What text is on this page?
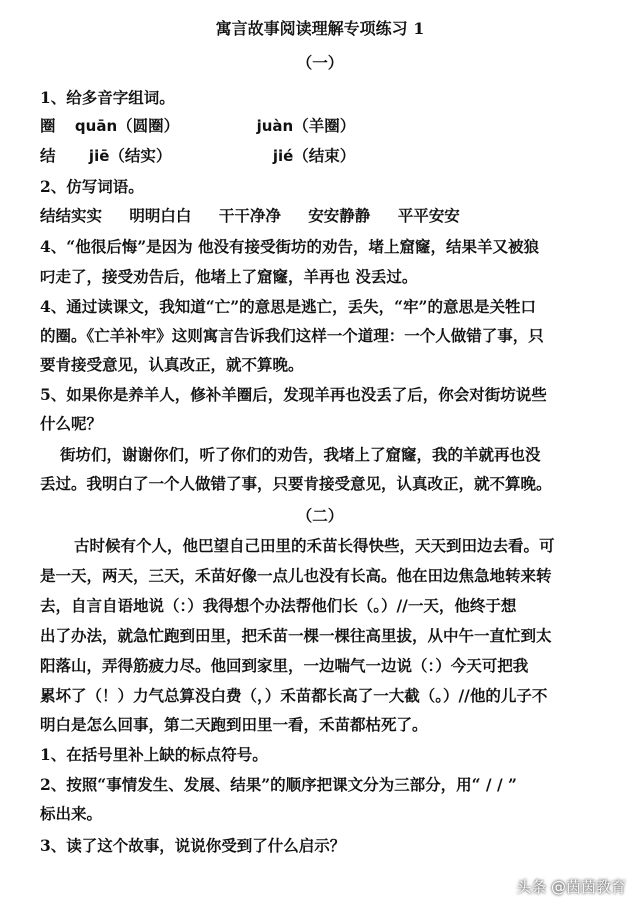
寓言故事阅读理解专项练习 1
（一）
1、给多音字组词。
圈 quān（圆圈）	juàn（羊圈）
结 jiē（结实）	jié（结束）
2、仿写词语。
结结实实 明明白白 干干净净 安安静静 平平安安
4、“他很后悔”是因为 他没有接受街坊的劝告，堵上窟窿，结果羊又被狼
叼走了，接受劝告后，他堵上了窟窿，羊再也 没丢过。
4、通过读课文，我知道“亡”的意思是逃亡，丢失，“牢”的意思是关牲口
的圈。《亡羊补牢》这则寓言告诉我们这样一个道理：一个人做错了事，只
要肯接受意见，认真改正，就不算晚。
5、如果你是养羊人，修补羊圈后，发现羊再也没丢了后，你会对街坊说些
什么呢？
街坊们，谢谢你们，听了你们的劝告，我堵上了窟窿，我的羊就再也没
丢过。我明白了一个人做错了事，只要肯接受意见，认真改正，就不算晚。
（二）
古时候有个人，他巴望自己田里的禾苗长得快些，天天到田边去看。可
是一天，两天，三天，禾苗好像一点儿也没有长高。他在田边焦急地转来转
去，自言自语地说（：）我得想个办法帮他们长（。）//一天，他终于想
出了办法，就急忙跑到田里，把禾苗一棵一棵往高里拔，从中午一直忙到太
阳落山，弄得筋疲力尽。他回到家里，一边喘气一边说（：）今天可把我
累坏了（！）力气总算没白费（，）禾苗都长高了一大截（。）//他的儿子不
明白是怎么回事，第二天跑到田里一看，禾苗都枯死了。
1、在括号里补上缺的标点符号。
2、按照“事情发生、发展、结果”的顺序把课文分为三部分，用“ / / ”
标出来。
3、读了这个故事，说说你受到了什么启示？
头条 @茵茵教育
